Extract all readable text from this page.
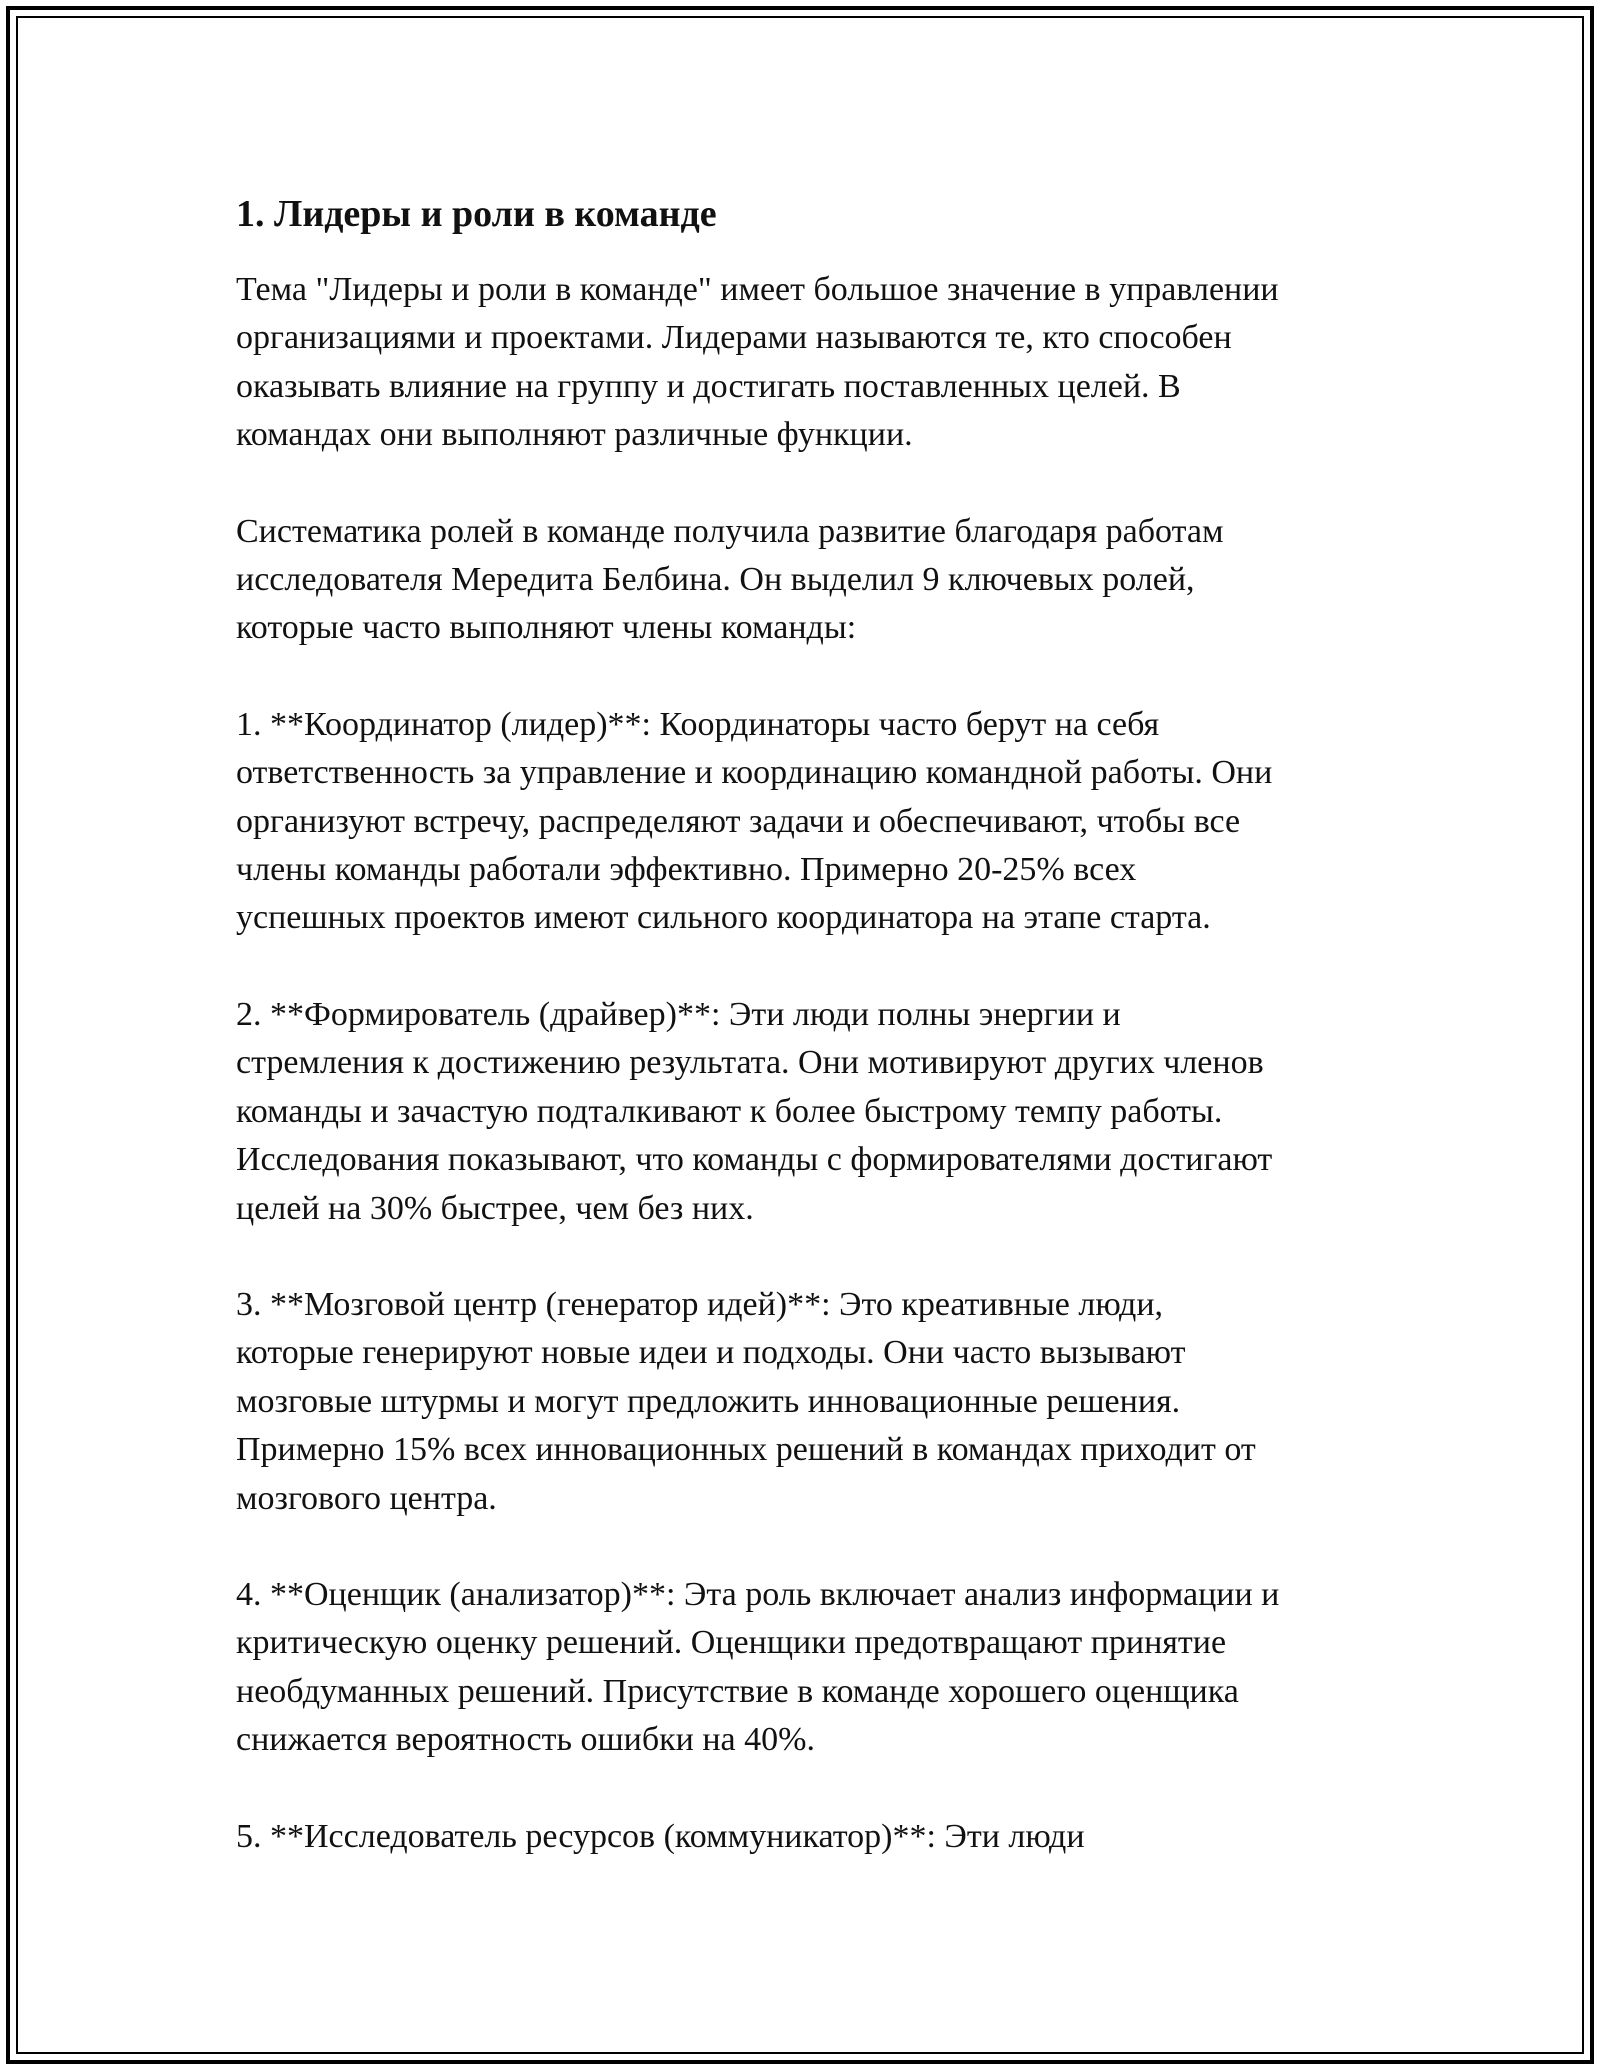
1. Лидеры и роли в команде

Тема "Лидеры и роли в команде" имеет большое значение в управлении
организациями и проектами. Лидерами называются те, кто способен
оказывать влияние на группу и достигать поставленных целей. В
командах они выполняют различные функции.

Систематика ролей в команде получила развитие благодаря работам
исследователя Мередита Белбина. Он выделил 9 ключевых ролей,
которые часто выполняют члены команды:

1. **Координатор (лидер)**: Координаторы часто берут на себя
ответственность за управление и координацию командной работы. Они
организуют встречу, распределяют задачи и обеспечивают, чтобы все
члены команды работали эффективно. Примерно 20-25% всех
успешных проектов имеют сильного координатора на этапе старта.

2. **Формирователь (драйвер)**: Эти люди полны энергии и
стремления к достижению результата. Они мотивируют других членов
команды и зачастую подталкивают к более быстрому темпу работы.
Исследования показывают, что команды с формирователями достигают
целей на 30% быстрее, чем без них.

3. **Мозговой центр (генератор идей)**: Это креативные люди,
которые генерируют новые идеи и подходы. Они часто вызывают
мозговые штурмы и могут предложить инновационные решения.
Примерно 15% всех инновационных решений в командах приходит от
мозгового центра.

4. **Оценщик (анализатор)**: Эта роль включает анализ информации и
критическую оценку решений. Оценщики предотвращают принятие
необдуманных решений. Присутствие в команде хорошего оценщика
снижается вероятность ошибки на 40%.

5. **Исследователь ресурсов (коммуникатор)**: Эти люди
